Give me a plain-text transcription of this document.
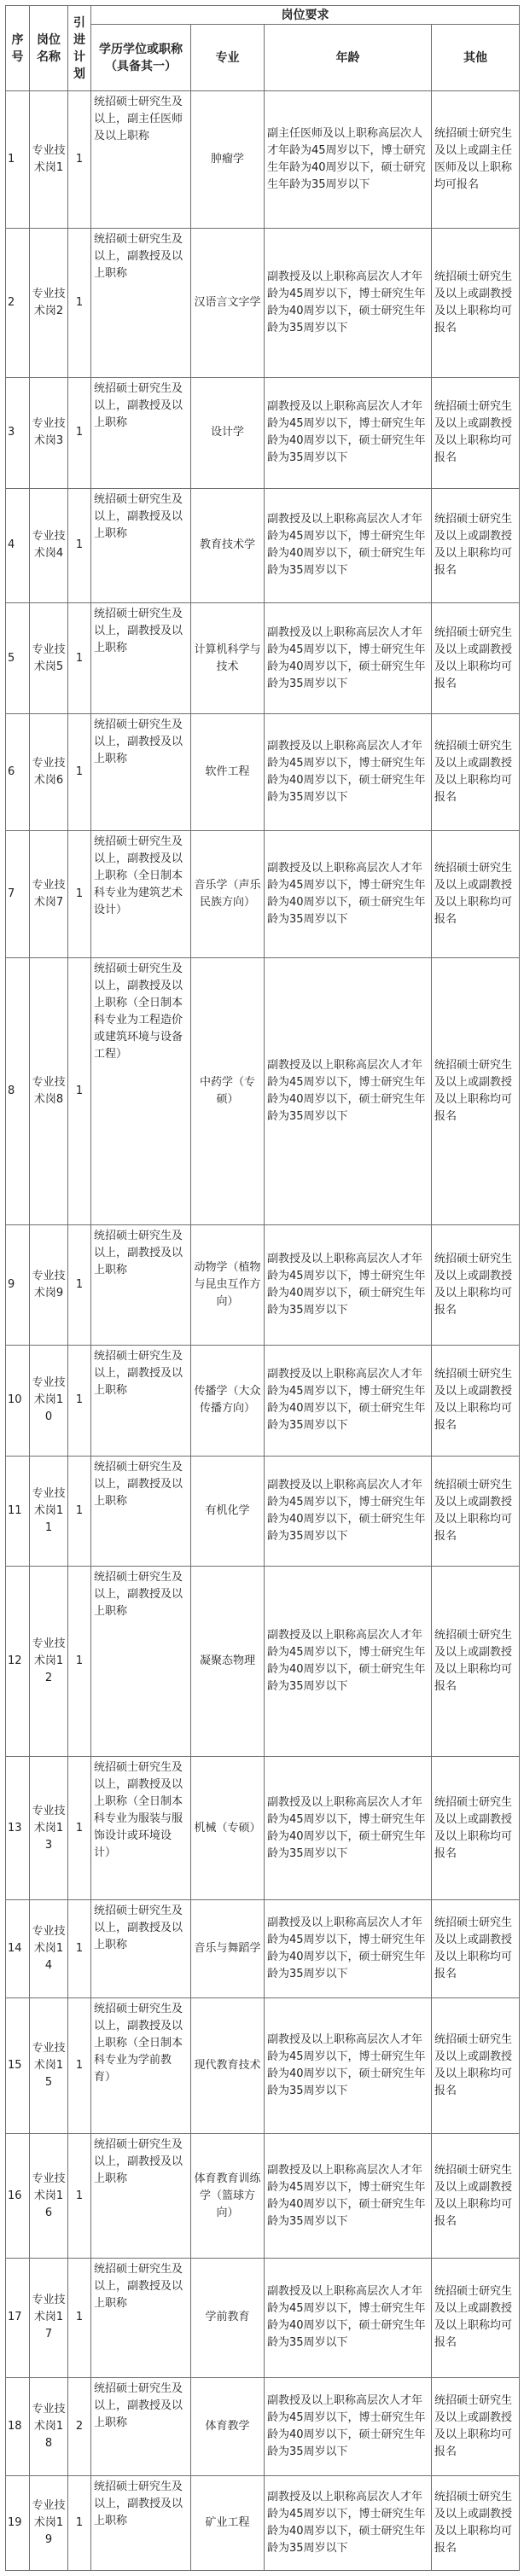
序号	岗位名称	引进计划	岗位要求			
			学历学位或职称（具备其一）	专业	年龄	其他
1	专业技术岗1	1	统招硕士研究生及以上，副主任医师及以上职称	肿瘤学	副主任医师及以上职称高层次人才年龄为45周岁以下，博士研究生年龄为40周岁以下，硕士研究生年龄为35周岁以下	统招硕士研究生及以上或副主任医师及以上职称均可报名
2	专业技术岗2	1	统招硕士研究生及以上，副教授及以上职称	汉语言文字学	副教授及以上职称高层次人才年龄为45周岁以下，博士研究生年龄为40周岁以下，硕士研究生年龄为35周岁以下	统招硕士研究生及以上或副教授及以上职称均可报名
3	专业技术岗3	1	统招硕士研究生及以上，副教授及以上职称	设计学	副教授及以上职称高层次人才年龄为45周岁以下，博士研究生年龄为40周岁以下，硕士研究生年龄为35周岁以下	统招硕士研究生及以上或副教授及以上职称均可报名
4	专业技术岗4	1	统招硕士研究生及以上，副教授及以上职称	教育技术学	副教授及以上职称高层次人才年龄为45周岁以下，博士研究生年龄为40周岁以下，硕士研究生年龄为35周岁以下	统招硕士研究生及以上或副教授及以上职称均可报名
5	专业技术岗5	1	统招硕士研究生及以上，副教授及以上职称	计算机科学与技术	副教授及以上职称高层次人才年龄为45周岁以下，博士研究生年龄为40周岁以下，硕士研究生年龄为35周岁以下	统招硕士研究生及以上或副教授及以上职称均可报名
6	专业技术岗6	1	统招硕士研究生及以上，副教授及以上职称	软件工程	副教授及以上职称高层次人才年龄为45周岁以下，博士研究生年龄为40周岁以下，硕士研究生年龄为35周岁以下	统招硕士研究生及以上或副教授及以上职称均可报名
7	专业技术岗7	1	统招硕士研究生及以上，副教授及以上职称（全日制本科专业为建筑艺术设计）	音乐学（声乐民族方向）	副教授及以上职称高层次人才年龄为45周岁以下，博士研究生年龄为40周岁以下，硕士研究生年龄为35周岁以下	统招硕士研究生及以上或副教授及以上职称均可报名
8	专业技术岗8	1	统招硕士研究生及以上，副教授及以上职称（全日制本科专业为工程造价或建筑环境与设备工程）	中药学（专硕）	副教授及以上职称高层次人才年龄为45周岁以下，博士研究生年龄为40周岁以下，硕士研究生年龄为35周岁以下	统招硕士研究生及以上或副教授及以上职称均可报名
9	专业技术岗9	1	统招硕士研究生及以上，副教授及以上职称	动物学（植物与昆虫互作方向）	副教授及以上职称高层次人才年龄为45周岁以下，博士研究生年龄为40周岁以下，硕士研究生年龄为35周岁以下	统招硕士研究生及以上或副教授及以上职称均可报名
10	专业技术岗10	1	统招硕士研究生及以上，副教授及以上职称	传播学（大众传播方向）	副教授及以上职称高层次人才年龄为45周岁以下，博士研究生年龄为40周岁以下，硕士研究生年龄为35周岁以下	统招硕士研究生及以上或副教授及以上职称均可报名
11	专业技术岗11	1	统招硕士研究生及以上，副教授及以上职称	有机化学	副教授及以上职称高层次人才年龄为45周岁以下，博士研究生年龄为40周岁以下，硕士研究生年龄为35周岁以下	统招硕士研究生及以上或副教授及以上职称均可报名
12	专业技术岗12	1	统招硕士研究生及以上，副教授及以上职称	凝聚态物理	副教授及以上职称高层次人才年龄为45周岁以下，博士研究生年龄为40周岁以下，硕士研究生年龄为35周岁以下	统招硕士研究生及以上或副教授及以上职称均可报名
13	专业技术岗13	1	统招硕士研究生及以上，副教授及以上职称（全日制本科专业为服装与服饰设计或环境设计）	机械（专硕）	副教授及以上职称高层次人才年龄为45周岁以下，博士研究生年龄为40周岁以下，硕士研究生年龄为35周岁以下	统招硕士研究生及以上或副教授及以上职称均可报名
14	专业技术岗14	1	统招硕士研究生及以上，副教授及以上职称	音乐与舞蹈学	副教授及以上职称高层次人才年龄为45周岁以下，博士研究生年龄为40周岁以下，硕士研究生年龄为35周岁以下	统招硕士研究生及以上或副教授及以上职称均可报名
15	专业技术岗15	1	统招硕士研究生及以上，副教授及以上职称（全日制本科专业为学前教育）	现代教育技术	副教授及以上职称高层次人才年龄为45周岁以下，博士研究生年龄为40周岁以下，硕士研究生年龄为35周岁以下	统招硕士研究生及以上或副教授及以上职称均可报名
16	专业技术岗16	1	统招硕士研究生及以上，副教授及以上职称	体育教育训练学（篮球方向）	副教授及以上职称高层次人才年龄为45周岁以下，博士研究生年龄为40周岁以下，硕士研究生年龄为35周岁以下	统招硕士研究生及以上或副教授及以上职称均可报名
17	专业技术岗17	1	统招硕士研究生及以上，副教授及以上职称	学前教育	副教授及以上职称高层次人才年龄为45周岁以下，博士研究生年龄为40周岁以下，硕士研究生年龄为35周岁以下	统招硕士研究生及以上或副教授及以上职称均可报名
18	专业技术岗18	2	统招硕士研究生及以上，副教授及以上职称	体育教学	副教授及以上职称高层次人才年龄为45周岁以下，博士研究生年龄为40周岁以下，硕士研究生年龄为35周岁以下	统招硕士研究生及以上或副教授及以上职称均可报名
19	专业技术岗19	1	统招硕士研究生及以上，副教授及以上职称	矿业工程	副教授及以上职称高层次人才年龄为45周岁以下，博士研究生年龄为40周岁以下，硕士研究生年龄为35周岁以下	统招硕士研究生及以上或副教授及以上职称均可报名
